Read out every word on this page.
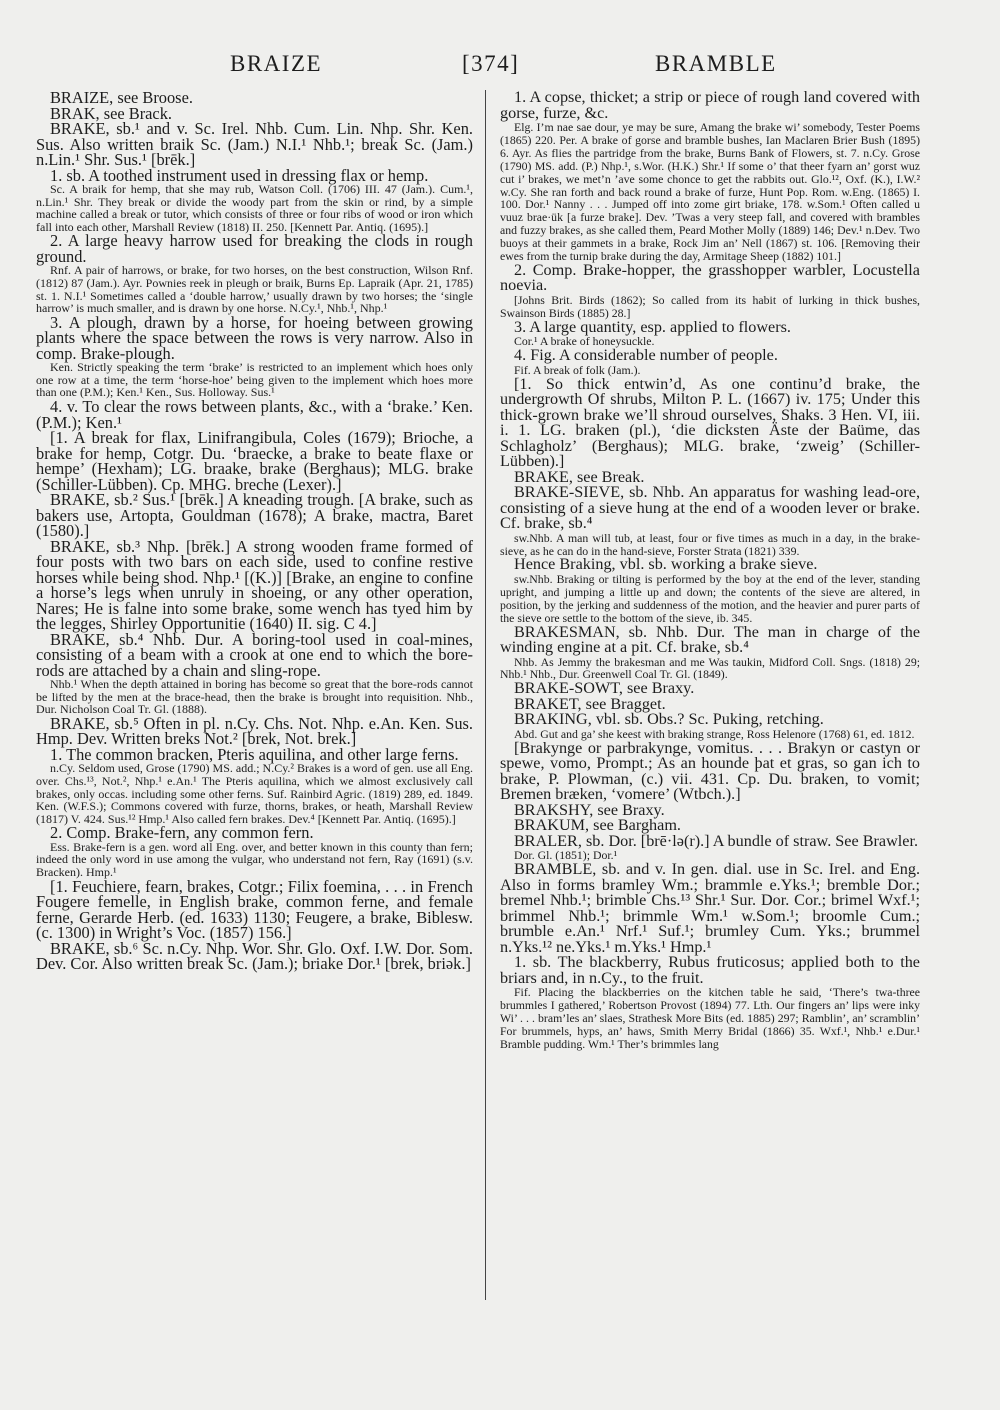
BRAIZE	[374]	BRAMBLE

BRAIZE, see Broose.

BRAK, see Brack.

BRAKE, sb.¹ and v. Sc. Irel. Nhb. Cum. Lin. Nhp. Shr. Ken. Sus. Also written braik Sc. (Jam.) N.I.¹ Nhb.¹; break Sc. (Jam.) n.Lin.¹ Shr. Sus.¹ [brēk.]

1. sb. A toothed instrument used in dressing flax or hemp.

Sc. A braik for hemp, that she may rub, Watson Coll. (1706) III. 47 (Jam.). Cum.¹, n.Lin.¹ Shr. They break or divide the woody part from the skin or rind, by a simple machine called a break or tutor, which consists of three or four ribs of wood or iron which fall into each other, Marshall Review (1818) II. 250. [Kennett Par. Antiq. (1695).]

2. A large heavy harrow used for breaking the clods in rough ground.

Rnf. A pair of harrows, or brake, for two horses, on the best construction, Wilson Rnf. (1812) 87 (Jam.). Ayr. Pownies reek in pleugh or braik, Burns Ep. Lapraik (Apr. 21, 1785) st. 1. N.I.¹ Sometimes called a ‘double harrow,’ usually drawn by two horses; the ‘single harrow’ is much smaller, and is drawn by one horse. N.Cy.¹, Nhb.¹, Nhp.¹

3. A plough, drawn by a horse, for hoeing between growing plants where the space between the rows is very narrow. Also in comp. Brake-plough.

Ken. Strictly speaking the term ‘brake’ is restricted to an implement which hoes only one row at a time, the term ‘horse-hoe’ being given to the implement which hoes more than one (P.M.); Ken.¹ Ken., Sus. Holloway. Sus.¹

4. v. To clear the rows between plants, &c., with a ‘brake.’ Ken. (P.M.); Ken.¹

[1. A break for flax, Linifrangibula, Coles (1679); Brioche, a brake for hemp, Cotgr. Du. ‘braecke, a brake to beate flaxe or hempe’ (Hexham); LG. braake, brake (Berghaus); MLG. brake (Schiller-Lübben). Cp. MHG. breche (Lexer).]

BRAKE, sb.² Sus.¹ [brēk.] A kneading trough. [A brake, such as bakers use, Artopta, Gouldman (1678); A brake, mactra, Baret (1580).]

BRAKE, sb.³ Nhp. [brēk.] A strong wooden frame formed of four posts with two bars on each side, used to confine restive horses while being shod. Nhp.¹ [(K.)] [Brake, an engine to confine a horse’s legs when unruly in shoeing, or any other operation, Nares; He is falne into some brake, some wench has tyed him by the legges, Shirley Opportunitie (1640) II. sig. C 4.]

BRAKE, sb.⁴ Nhb. Dur. A boring-tool used in coal-mines, consisting of a beam with a crook at one end to which the bore-rods are attached by a chain and sling-rope.

Nhb.¹ When the depth attained in boring has become so great that the bore-rods cannot be lifted by the men at the brace-head, then the brake is brought into requisition. Nhb., Dur. Nicholson Coal Tr. Gl. (1888).

BRAKE, sb.⁵ Often in pl. n.Cy. Chs. Not. Nhp. e.An. Ken. Sus. Hmp. Dev. Written breks Not.² [brek, Not. brek.]

1. The common bracken, Pteris aquilina, and other large ferns.

n.Cy. Seldom used, Grose (1790) MS. add.; N.Cy.² Brakes is a word of gen. use all Eng. over. Chs.¹³, Not.², Nhp.¹ e.An.¹ The Pteris aquilina, which we almost exclusively call brakes, only occas. including some other ferns. Suf. Rainbird Agric. (1819) 289, ed. 1849. Ken. (W.F.S.); Commons covered with furze, thorns, brakes, or heath, Marshall Review (1817) V. 424. Sus.¹² Hmp.¹ Also called fern brakes. Dev.⁴ [Kennett Par. Antiq. (1695).]

2. Comp. Brake-fern, any common fern.

Ess. Brake-fern is a gen. word all Eng. over, and better known in this county than fern; indeed the only word in use among the vulgar, who understand not fern, Ray (1691) (s.v. Bracken). Hmp.¹

[1. Feuchiere, fearn, brakes, Cotgr.; Filix foemina, . . . in French Fougere femelle, in English brake, common ferne, and female ferne, Gerarde Herb. (ed. 1633) 1130; Feugere, a brake, Biblesw. (c. 1300) in Wright’s Voc. (1857) 156.]

BRAKE, sb.⁶ Sc. n.Cy. Nhp. Wor. Shr. Glo. Oxf. I.W. Dor. Som. Dev. Cor. Also written break Sc. (Jam.); briake Dor.¹ [brek, briək.]

1. A copse, thicket; a strip or piece of rough land covered with gorse, furze, &c.

Elg. I’m nae sae dour, ye may be sure, Amang the brake wi’ somebody, Tester Poems (1865) 220. Per. A brake of gorse and bramble bushes, Ian Maclaren Brier Bush (1895) 6. Ayr. As flies the partridge from the brake, Burns Bank of Flowers, st. 7. n.Cy. Grose (1790) MS. add. (P.) Nhp.¹, s.Wor. (H.K.) Shr.¹ If some o’ that theer fyarn an’ gorst wuz cut i’ brakes, we met’n ’ave some chonce to get the rabbits out. Glo.¹², Oxf. (K.), I.W.² w.Cy. She ran forth and back round a brake of furze, Hunt Pop. Rom. w.Eng. (1865) I. 100. Dor.¹ Nanny . . . Jumped off into zome girt briake, 178. w.Som.¹ Often called u vuuz brae·ük [a furze brake]. Dev. ’Twas a very steep fall, and covered with brambles and fuzzy brakes, as she called them, Peard Mother Molly (1889) 146; Dev.¹ n.Dev. Two buoys at their gammets in a brake, Rock Jim an’ Nell (1867) st. 106. [Removing their ewes from the turnip brake during the day, Armitage Sheep (1882) 101.]

2. Comp. Brake-hopper, the grasshopper warbler, Locustella noevia.

[Johns Brit. Birds (1862); So called from its habit of lurking in thick bushes, Swainson Birds (1885) 28.]

3. A large quantity, esp. applied to flowers.

Cor.¹ A brake of honeysuckle.

4. Fig. A considerable number of people.

Fif. A break of folk (Jam.).

[1. So thick entwin’d, As one continu’d brake, the undergrowth Of shrubs, Milton P. L. (1667) iv. 175; Under this thick-grown brake we’ll shroud ourselves, Shaks. 3 Hen. VI, iii. i. 1. LG. braken (pl.), ‘die dicksten Äste der Baüme, das Schlagholz’ (Berghaus); MLG. brake, ‘zweig’ (Schiller-Lübben).]

BRAKE, see Break.

BRAKE-SIEVE, sb. Nhb. An apparatus for washing lead-ore, consisting of a sieve hung at the end of a wooden lever or brake. Cf. brake, sb.⁴

sw.Nhb. A man will tub, at least, four or five times as much in a day, in the brake-sieve, as he can do in the hand-sieve, Forster Strata (1821) 339.

Hence Braking, vbl. sb. working a brake sieve.

sw.Nhb. Braking or tilting is performed by the boy at the end of the lever, standing upright, and jumping a little up and down; the contents of the sieve are altered, in position, by the jerking and suddenness of the motion, and the heavier and purer parts of the sieve ore settle to the bottom of the sieve, ib. 345.

BRAKESMAN, sb. Nhb. Dur. The man in charge of the winding engine at a pit. Cf. brake, sb.⁴

Nhb. As Jemmy the brakesman and me Was taukin, Midford Coll. Sngs. (1818) 29; Nhb.¹ Nhb., Dur. Greenwell Coal Tr. Gl. (1849).

BRAKE-SOWT, see Braxy.

BRAKET, see Bragget.

BRAKING, vbl. sb. Obs.? Sc. Puking, retching.

Abd. Gut and ga’ she keest with braking strange, Ross Helenore (1768) 61, ed. 1812.

[Brakynge or parbrakynge, vomitus. . . . Brakyn or castyn or spewe, vomo, Prompt.; As an hounde þat et gras, so gan ich to brake, P. Plowman, (c.) vii. 431. Cp. Du. braken, to vomit; Bremen bræken, ‘vomere’ (Wtbch.).]

BRAKSHY, see Braxy.

BRAKUM, see Bargham.

BRALER, sb. Dor. [brē·lə(r).] A bundle of straw. See Brawler.

Dor. Gl. (1851); Dor.¹

BRAMBLE, sb. and v. In gen. dial. use in Sc. Irel. and Eng. Also in forms bramley Wm.; brammle e.Yks.¹; bremble Dor.; bremel Nhb.¹; brimble Chs.¹³ Shr.¹ Sur. Dor. Cor.; brimel Wxf.¹; brimmel Nhb.¹; brimmle Wm.¹ w.Som.¹; broomle Cum.; brumble e.An.¹ Nrf.¹ Suf.¹; brumley Cum. Yks.; brummel n.Yks.¹² ne.Yks.¹ m.Yks.¹ Hmp.¹

1. sb. The blackberry, Rubus fruticosus; applied both to the briars and, in n.Cy., to the fruit.

Fif. Placing the blackberries on the kitchen table he said, ‘There’s twa-three brummles I gathered,’ Robertson Provost (1894) 77. Lth. Our fingers an’ lips were inky Wi’ . . . bram’les an’ slaes, Strathesk More Bits (ed. 1885) 297; Ramblin’, an’ scramblin’ For brummels, hyps, an’ haws, Smith Merry Bridal (1866) 35. Wxf.¹, Nhb.¹ e.Dur.¹ Bramble pudding. Wm.¹ Ther’s brimmles lang
